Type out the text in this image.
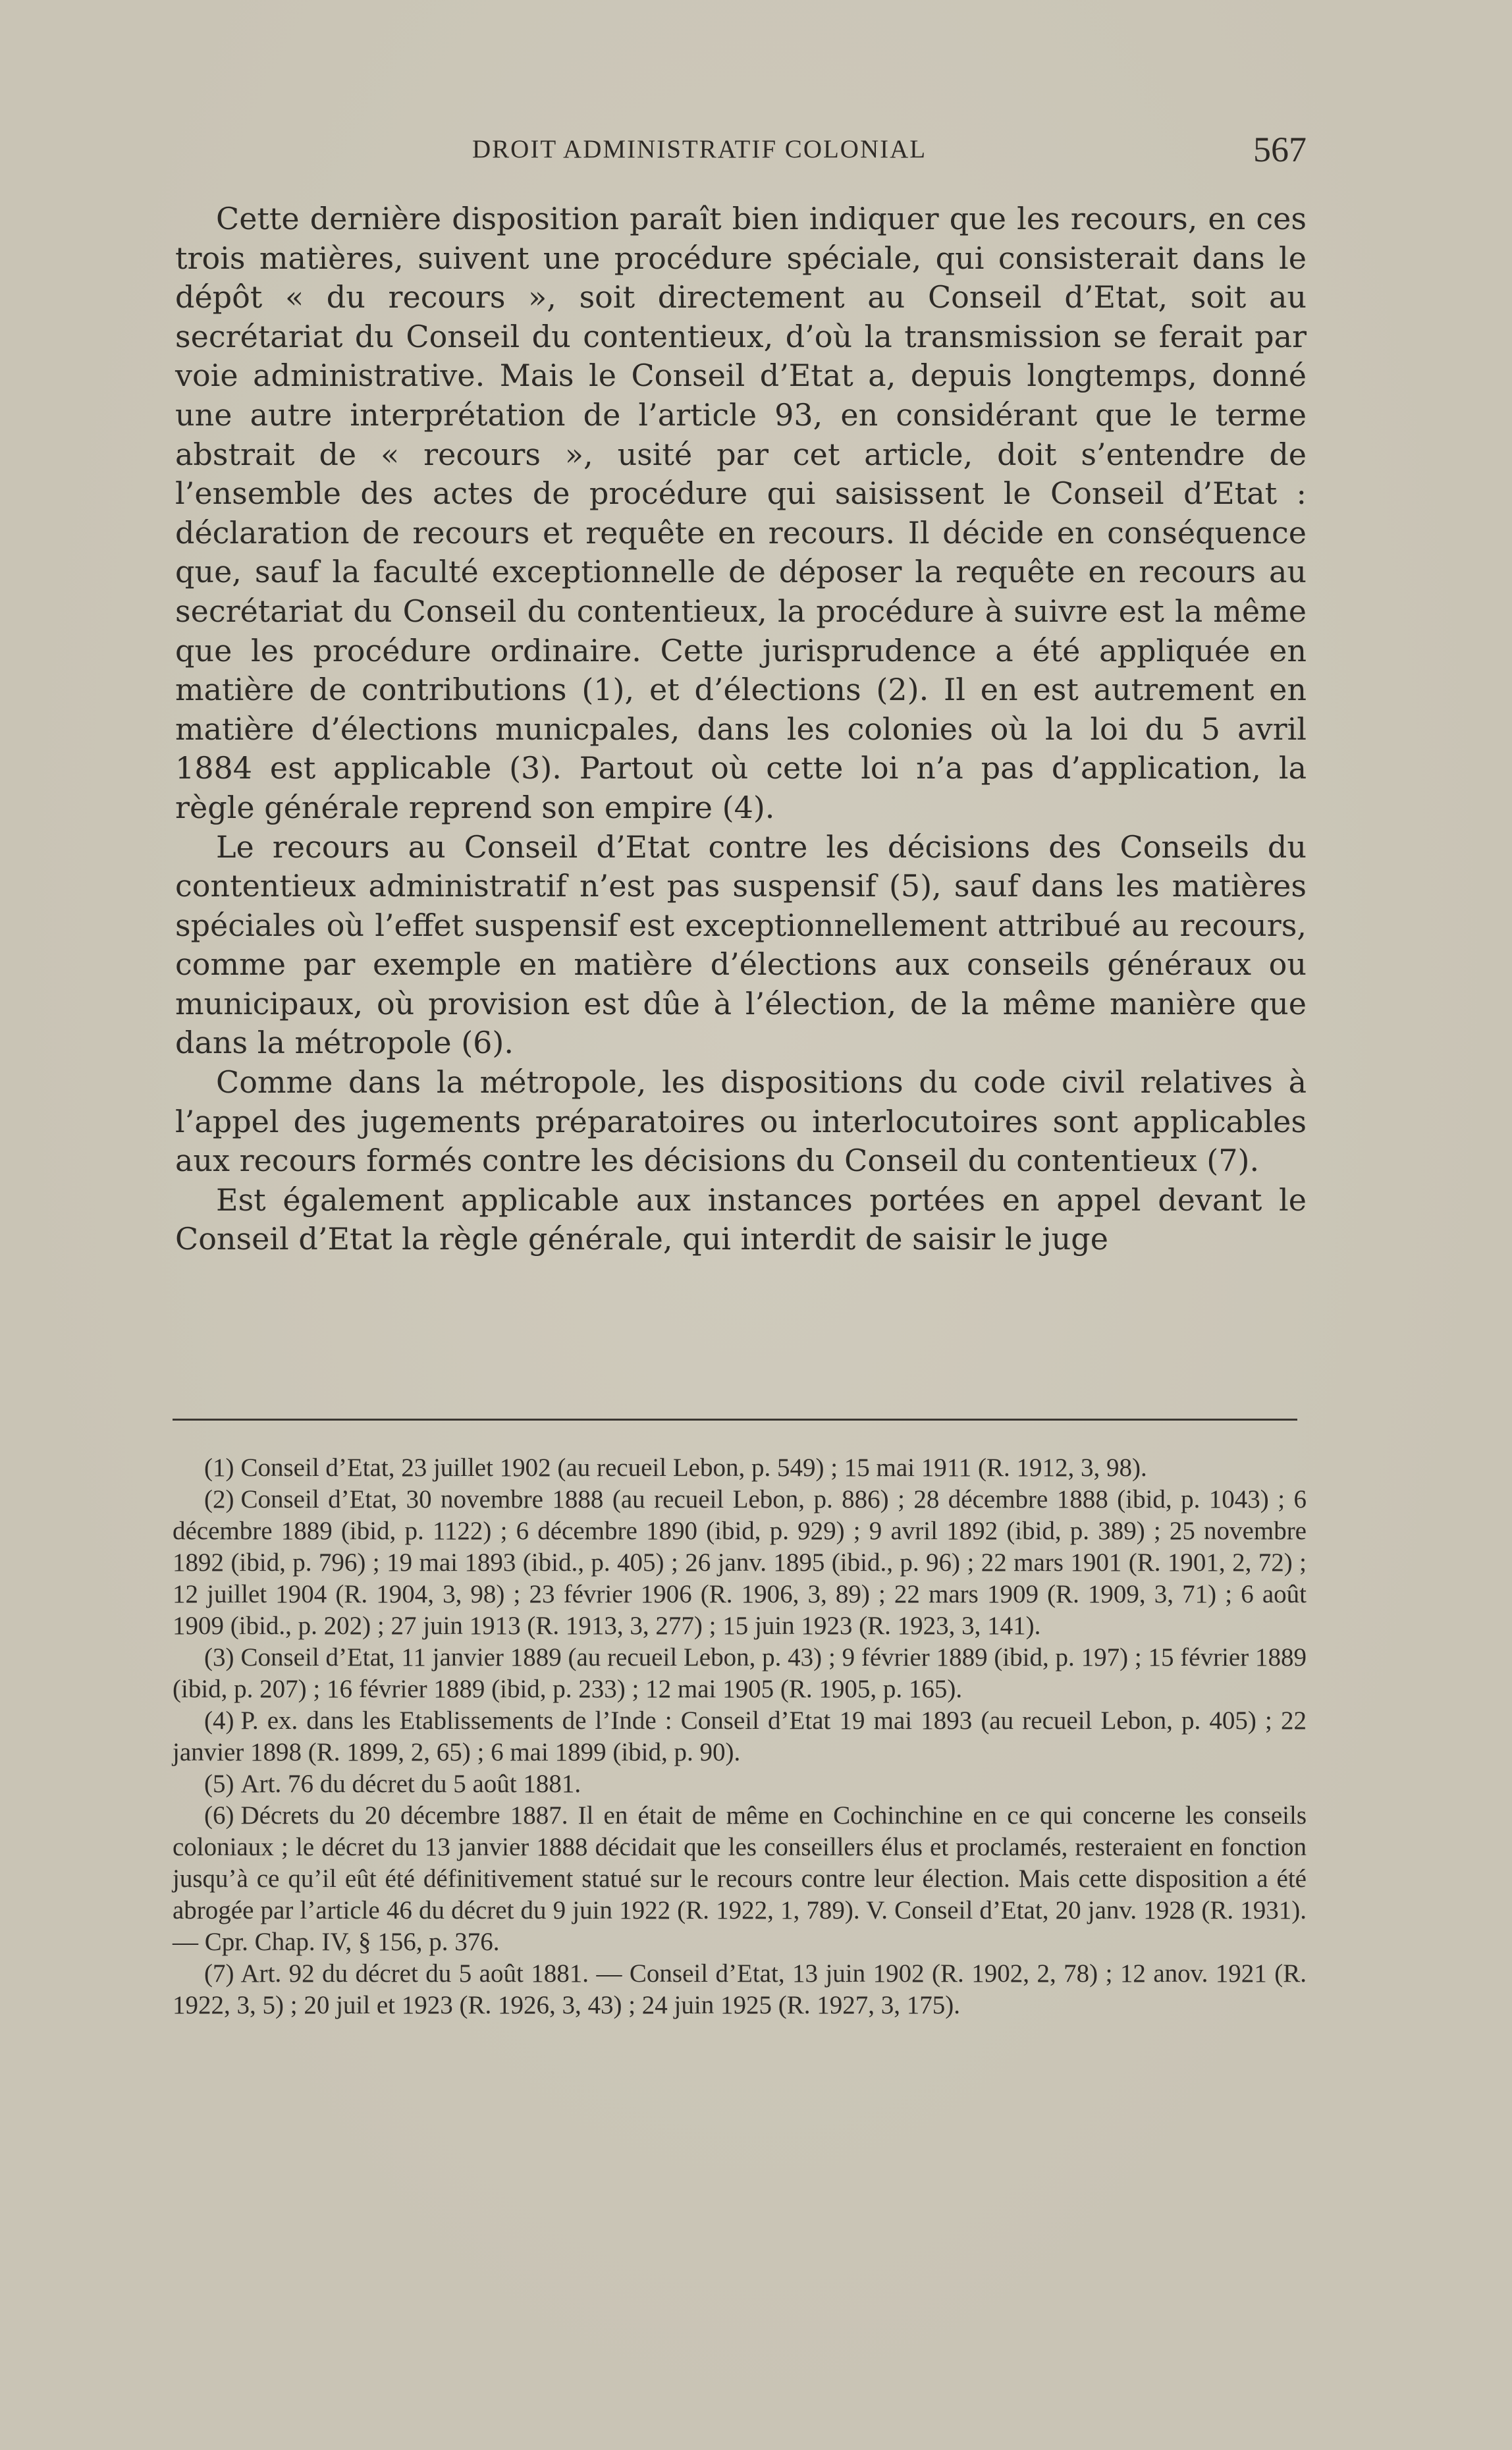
DROIT ADMINISTRATIF COLONIAL	567

Cette dernière disposition paraît bien indiquer que les recours, en ces trois matières, suivent une procédure spéciale, qui consisterait dans le dépôt « du recours », soit directement au Conseil d’Etat, soit au secrétariat du Conseil du contentieux, d’où la transmission se ferait par voie administrative. Mais le Conseil d’Etat a, depuis longtemps, donné une autre interprétation de l’article 93, en considérant que le terme abstrait de « recours », usité par cet article, doit s’entendre de l’ensemble des actes de procédure qui saisissent le Conseil d’Etat : déclaration de recours et requête en recours. Il décide en conséquence que, sauf la faculté exceptionnelle de déposer la requête en recours au secrétariat du Conseil du contentieux, la procédure à suivre est la même que les procédure ordinaire. Cette jurisprudence a été appliquée en matière de contributions (1), et d’élections (2). Il en est autrement en matière d’élections municpales, dans les colonies où la loi du 5 avril 1884 est applicable (3). Partout où cette loi n’a pas d’application, la règle générale reprend son empire (4).

Le recours au Conseil d’Etat contre les décisions des Conseils du contentieux administratif n’est pas suspensif (5), sauf dans les matières spéciales où l’effet suspensif est exceptionnellement attribué au recours, comme par exemple en matière d’élections aux conseils généraux ou municipaux, où provision est dûe à l’élection, de la même manière que dans la métropole (6).

Comme dans la métropole, les dispositions du code civil relatives à l’appel des jugements préparatoires ou interlocutoires sont applicables aux recours formés contre les décisions du Conseil du contentieux (7).

Est également applicable aux instances portées en appel devant le Conseil d’Etat la règle générale, qui interdit de saisir le juge

(1) Conseil d’Etat, 23 juillet 1902 (au recueil Lebon, p. 549) ; 15 mai 1911 (R. 1912, 3, 98).

(2) Conseil d’Etat, 30 novembre 1888 (au recueil Lebon, p. 886) ; 28 décembre 1888 (ibid, p. 1043) ; 6 décembre 1889 (ibid, p. 1122) ; 6 décembre 1890 (ibid, p. 929) ; 9 avril 1892 (ibid, p. 389) ; 25 novembre 1892 (ibid, p. 796) ; 19 mai 1893 (ibid., p. 405) ; 26 janv. 1895 (ibid., p. 96) ; 22 mars 1901 (R. 1901, 2, 72) ; 12 juillet 1904 (R. 1904, 3, 98) ; 23 février 1906 (R. 1906, 3, 89) ; 22 mars 1909 (R. 1909, 3, 71) ; 6 août 1909 (ibid., p. 202) ; 27 juin 1913 (R. 1913, 3, 277) ; 15 juin 1923 (R. 1923, 3, 141).

(3) Conseil d’Etat, 11 janvier 1889 (au recueil Lebon, p. 43) ; 9 février 1889 (ibid, p. 197) ; 15 février 1889 (ibid, p. 207) ; 16 février 1889 (ibid, p. 233) ; 12 mai 1905 (R. 1905, p. 165).

(4) P. ex. dans les Etablissements de l’Inde : Conseil d’Etat 19 mai 1893 (au recueil Lebon, p. 405) ; 22 janvier 1898 (R. 1899, 2, 65) ; 6 mai 1899 (ibid, p. 90).

(5) Art. 76 du décret du 5 août 1881.

(6) Décrets du 20 décembre 1887. Il en était de même en Cochinchine en ce qui concerne les conseils coloniaux ; le décret du 13 janvier 1888 décidait que les conseillers élus et proclamés, resteraient en fonction jusqu’à ce qu’il eût été définitivement statué sur le recours contre leur élection. Mais cette disposition a été abrogée par l’article 46 du décret du 9 juin 1922 (R. 1922, 1, 789). V. Conseil d’Etat, 20 janv. 1928 (R. 1931). — Cpr. Chap. IV, § 156, p. 376.

(7) Art. 92 du décret du 5 août 1881. — Conseil d’Etat, 13 juin 1902 (R. 1902, 2, 78) ; 12 anov. 1921 (R. 1922, 3, 5) ; 20 juil et 1923 (R. 1926, 3, 43) ; 24 juin 1925 (R. 1927, 3, 175).
